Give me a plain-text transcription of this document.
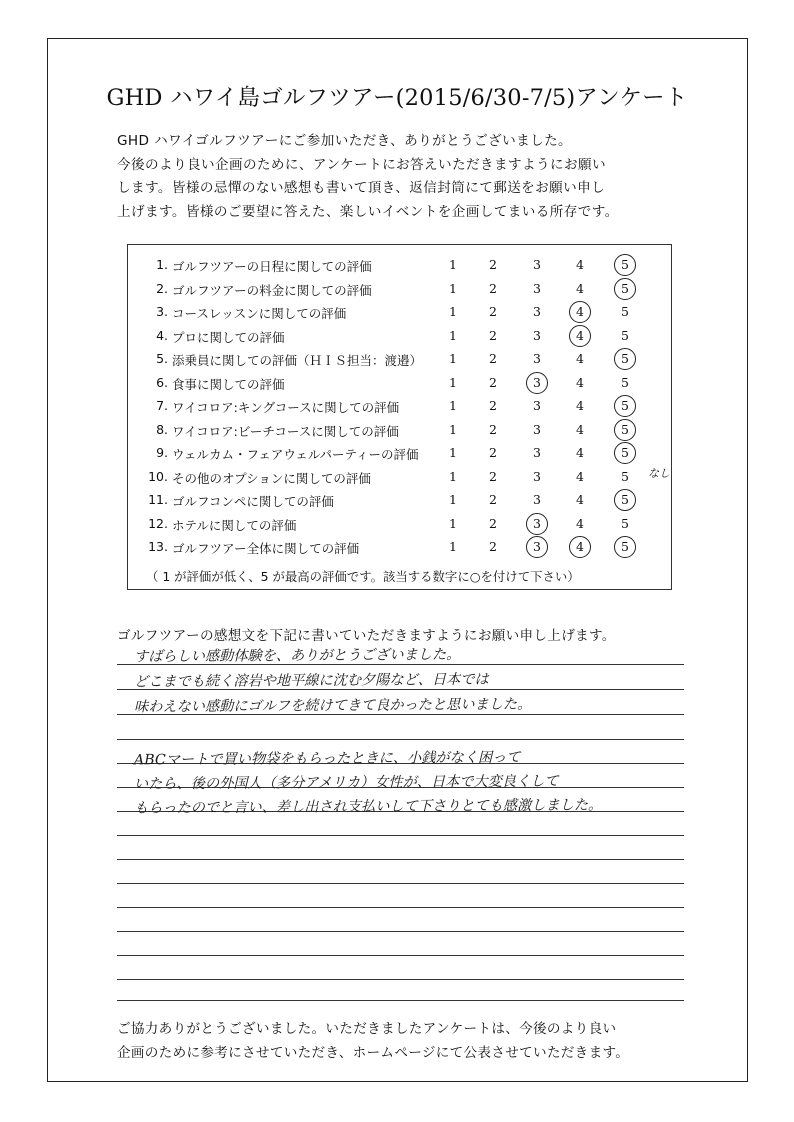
GHD ハワイ島ゴルフツアー(2015/6/30-7/5)アンケート
GHD ハワイゴルフツアーにご参加いただき、ありがとうございました。
今後のより良い企画のために、アンケートにお答えいただきますようにお願い
します。皆様の忌憚のない感想も書いて頂き、返信封筒にて郵送をお願い申し
上げます。皆様のご要望に答えた、楽しいイベントを企画してまいる所存です。
（ 1 が評価が低く、5 が最高の評価です。該当する数字に○を付けて下さい）
1. ゴルフツアーの日程に関しての評価	1	2	3	4	5
2. ゴルフツアーの料金に関しての評価	1	2	3	4	5
3. コースレッスンに関しての評価	1	2	3	4	5
4. プロに関しての評価	1	2	3	4	5
5. 添乗員に関しての評価（ＨＩＳ担当：渡邉）	1	2	3	4	5
6. 食事に関しての評価	1	2	3	4	5
7. ワイコロア:キングコースに関しての評価	1	2	3	4	5
8. ワイコロア:ビーチコースに関しての評価	1	2	3	4	5
9. ウェルカム・フェアウェルパーティーの評価	1	2	3	4	5
10. その他のオプションに関しての評価	1	2	3	4	5	なし
11. ゴルフコンペに関しての評価	1	2	3	4	5
12. ホテルに関しての評価	1	2	3	4	5
13. ゴルフツアー全体に関しての評価	1	2	3	4	5
ゴルフツアーの感想文を下記に書いていただきますようにお願い申し上げます。
すばらしい感動体験を、ありがとうございました。
どこまでも続く溶岩や地平線に沈む夕陽など、日本では
味わえない感動にゴルフを続けてきて良かったと思いました。
ABCマートで買い物袋をもらったときに、小銭がなく困って
いたら、後の外国人（多分アメリカ）女性が、日本で大変良くして
もらったのでと言い、差し出され支払いして下さりとても感激しました。
ご協力ありがとうございました。いただきましたアンケートは、今後のより良い
企画のために参考にさせていただき、ホームページにて公表させていただきます。
